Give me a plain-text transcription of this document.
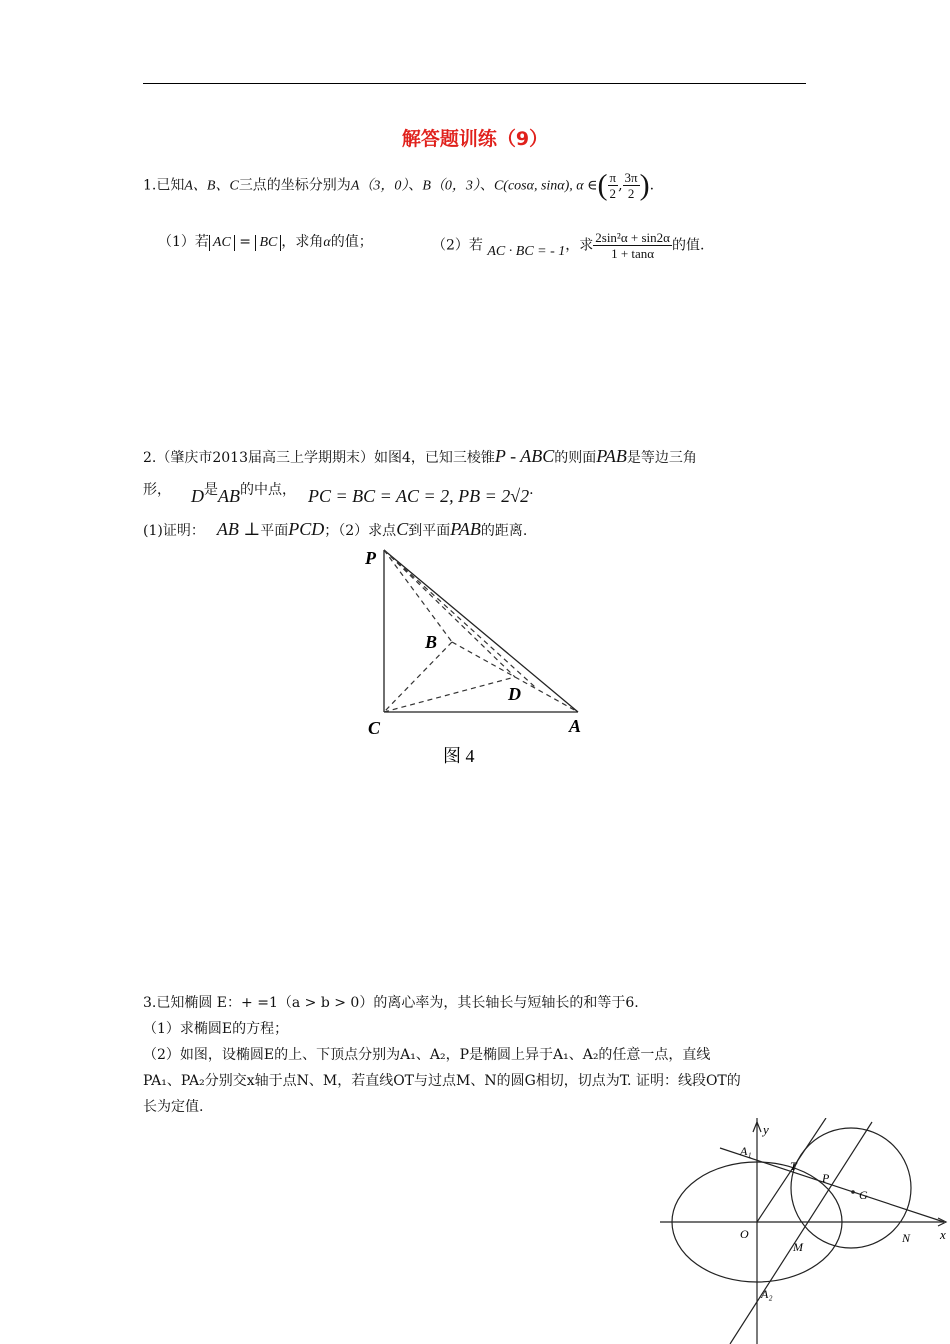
解答题训练（9）
1.已知A、B、C三点的坐标分别为A（3，0）、B（0，3）、C(cosα, sinα), α ∈( $\frac{\pi}{2}$ , $\frac{3\pi}{2}$ ).
（1）若 AC = BC ，求角α的值；	（2）若 AC · BC = - 1，求 $\frac{\text{2sin²α + sin2α}}{1 + \tan\alpha}$ 的值.
2.（肇庆市2013届高三上学期期末）如图4，已知三棱锥P - ABC的则面PAB是等边三角
形， D是AB的中点， PC = BC = AC = 2, PB = 2√2.
(1)证明： AB ⊥平面PCD；（2）求点C到平面PAB的距离.
P
B
D
C	A
图 4
3.已知椭圆 E：+ =1（a > b > 0）的离心率为，其长轴长与短轴长的和等于6.
（1）求椭圆E的方程；
（2）如图，设椭圆E的上、下顶点分别为A₁、A₂，P是椭圆上异于A₁、A₂的任意一点，直线
PA₁、PA₂分别交x轴于点N、M，若直线OT与过点M、N的圆G相切，切点为T. 证明：线段OT的
长为定值.
y
x
A₁
A₂
T
P
G
O
M
N
